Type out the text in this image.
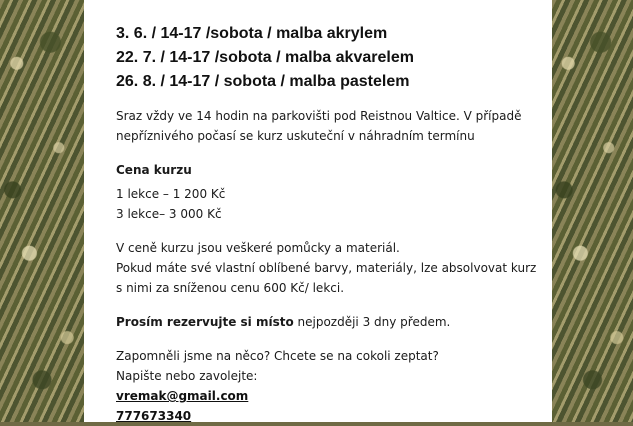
3. 6. / 14-17 /sobota / malba akrylem
22. 7. / 14-17 /sobota / malba akvarelem
26. 8. / 14-17 / sobota / malba pastelem

Sraz vždy ve 14 hodin na parkovišti pod Reistnou Valtice. V případě

nepříznivého počasí se kurz uskuteční v náhradním termínu

Cena kurzu

1 lekce – 1 200 Kč

3 lekce– 3 000 Kč

V ceně kurzu jsou veškeré pomůcky a materiál.

Pokud máte své vlastní oblíbené barvy, materiály, lze absolvovat kurz

s nimi za sníženou cenu 600 Kč/ lekci.

Prosím rezervujte si místo nejpozději 3 dny předem.

Zapomněli jsme na něco? Chcete se na cokoli zeptat?

Napište nebo zavolejte:

vremak@gmail.com

777673340
